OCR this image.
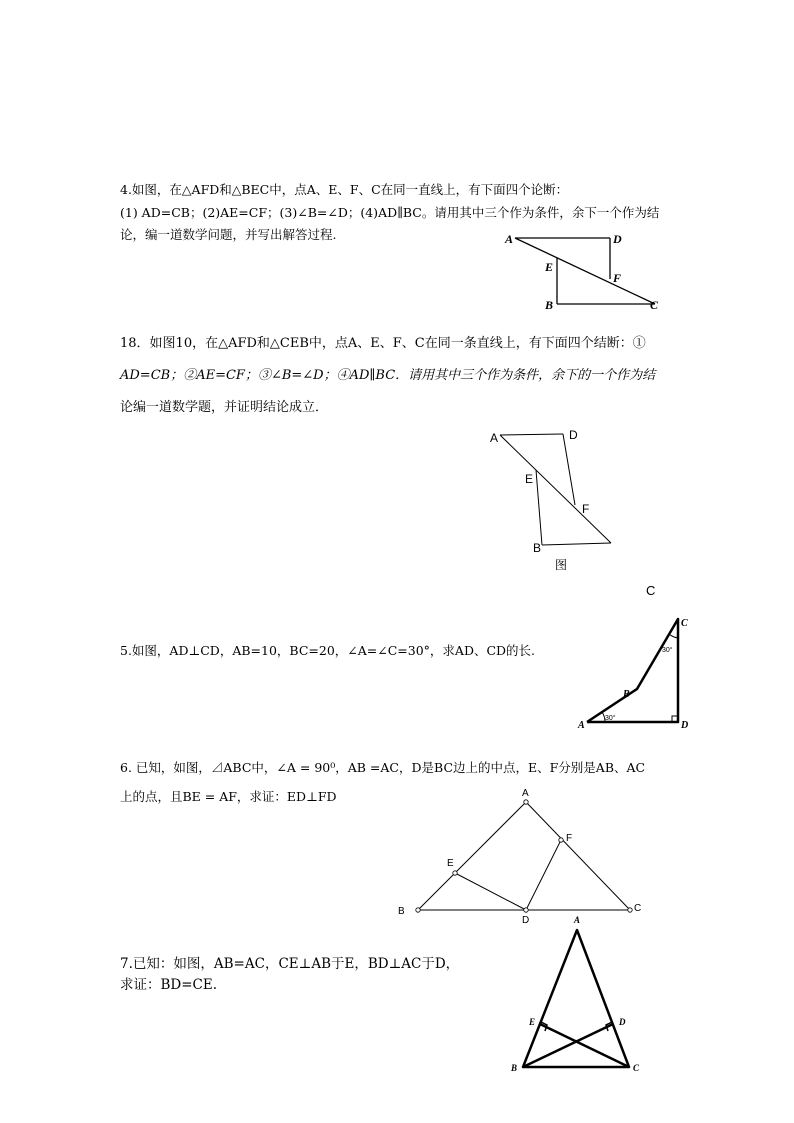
4.如图，在△AFD和△BEC中，点A、E、F、C在同一直线上，有下面四个论断：
(1) AD=CB；(2)AE=CF；(3)∠B=∠D；(4)AD∥BC。请用其中三个作为条件，余下一个作为结
论，编一道数学问题，并写出解答过程.	A	D
E
F
B	C
18．如图10，在△AFD和△CEB中，点A、E、F、C在同一条直线上，有下面四个结断：①
AD=CB；②AE=CF；③∠B=∠D；④AD∥BC．请用其中三个作为条件，余下的一个作为结
论编一道数学题，并证明结论成立．
A	D
E
F
B
图
C
5.如图，AD⊥CD，AB=10，BC=20，∠A=∠C=30°，求AD、CD的长.
A
B
C
D
30°
30°
6. 已知，如图，⊿ABC中，∠A = 90⁰，AB =AC，D是BC边上的中点，E、F分别是AB、AC
上的点，且BE = AF，求证：ED⊥FD	A
B	C
D
E
F
7.已知：如图，AB=AC，CE⊥AB于E，BD⊥AC于D，
求证：BD=CE.
A
B	C
D
E
